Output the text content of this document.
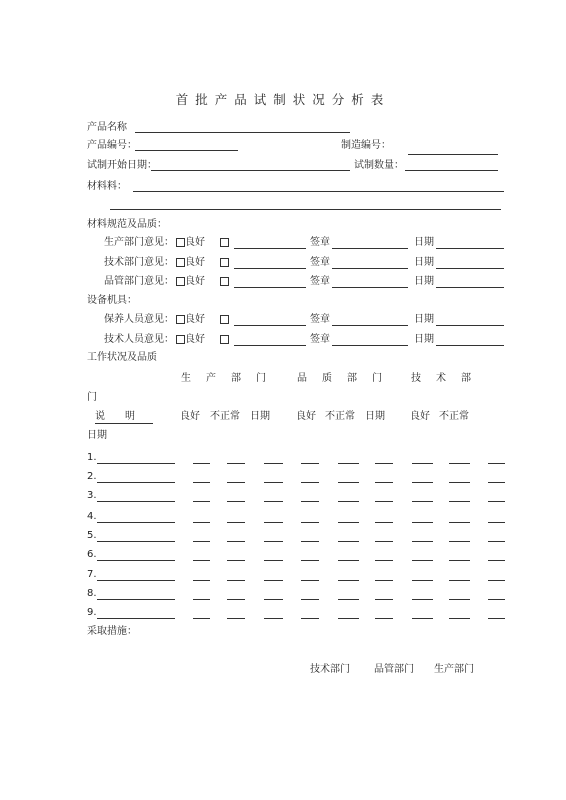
首批产品试制状况分析表
产品名称
产品编号：	制造编号：
试制开始日期：	试制数量：
材料料：
材料规范及品质：
生产部门意见： 良好	签章	日期
技术部门意见： 良好	签章	日期
品管部门意见： 良好	签章	日期
设备机具：
保养人员意见： 良好	签章	日期
技术人员意见： 良好	签章	日期
工作状况及品质
生产部门 品质部门 技术部
门
说明	良好 不正常 日期	良好 不正常 日期	良好 不正常
日期
1.
2.
3.
4.
5.
6.
7.
8.
9.
采取措施：
技术部门 品管部门 生产部门
